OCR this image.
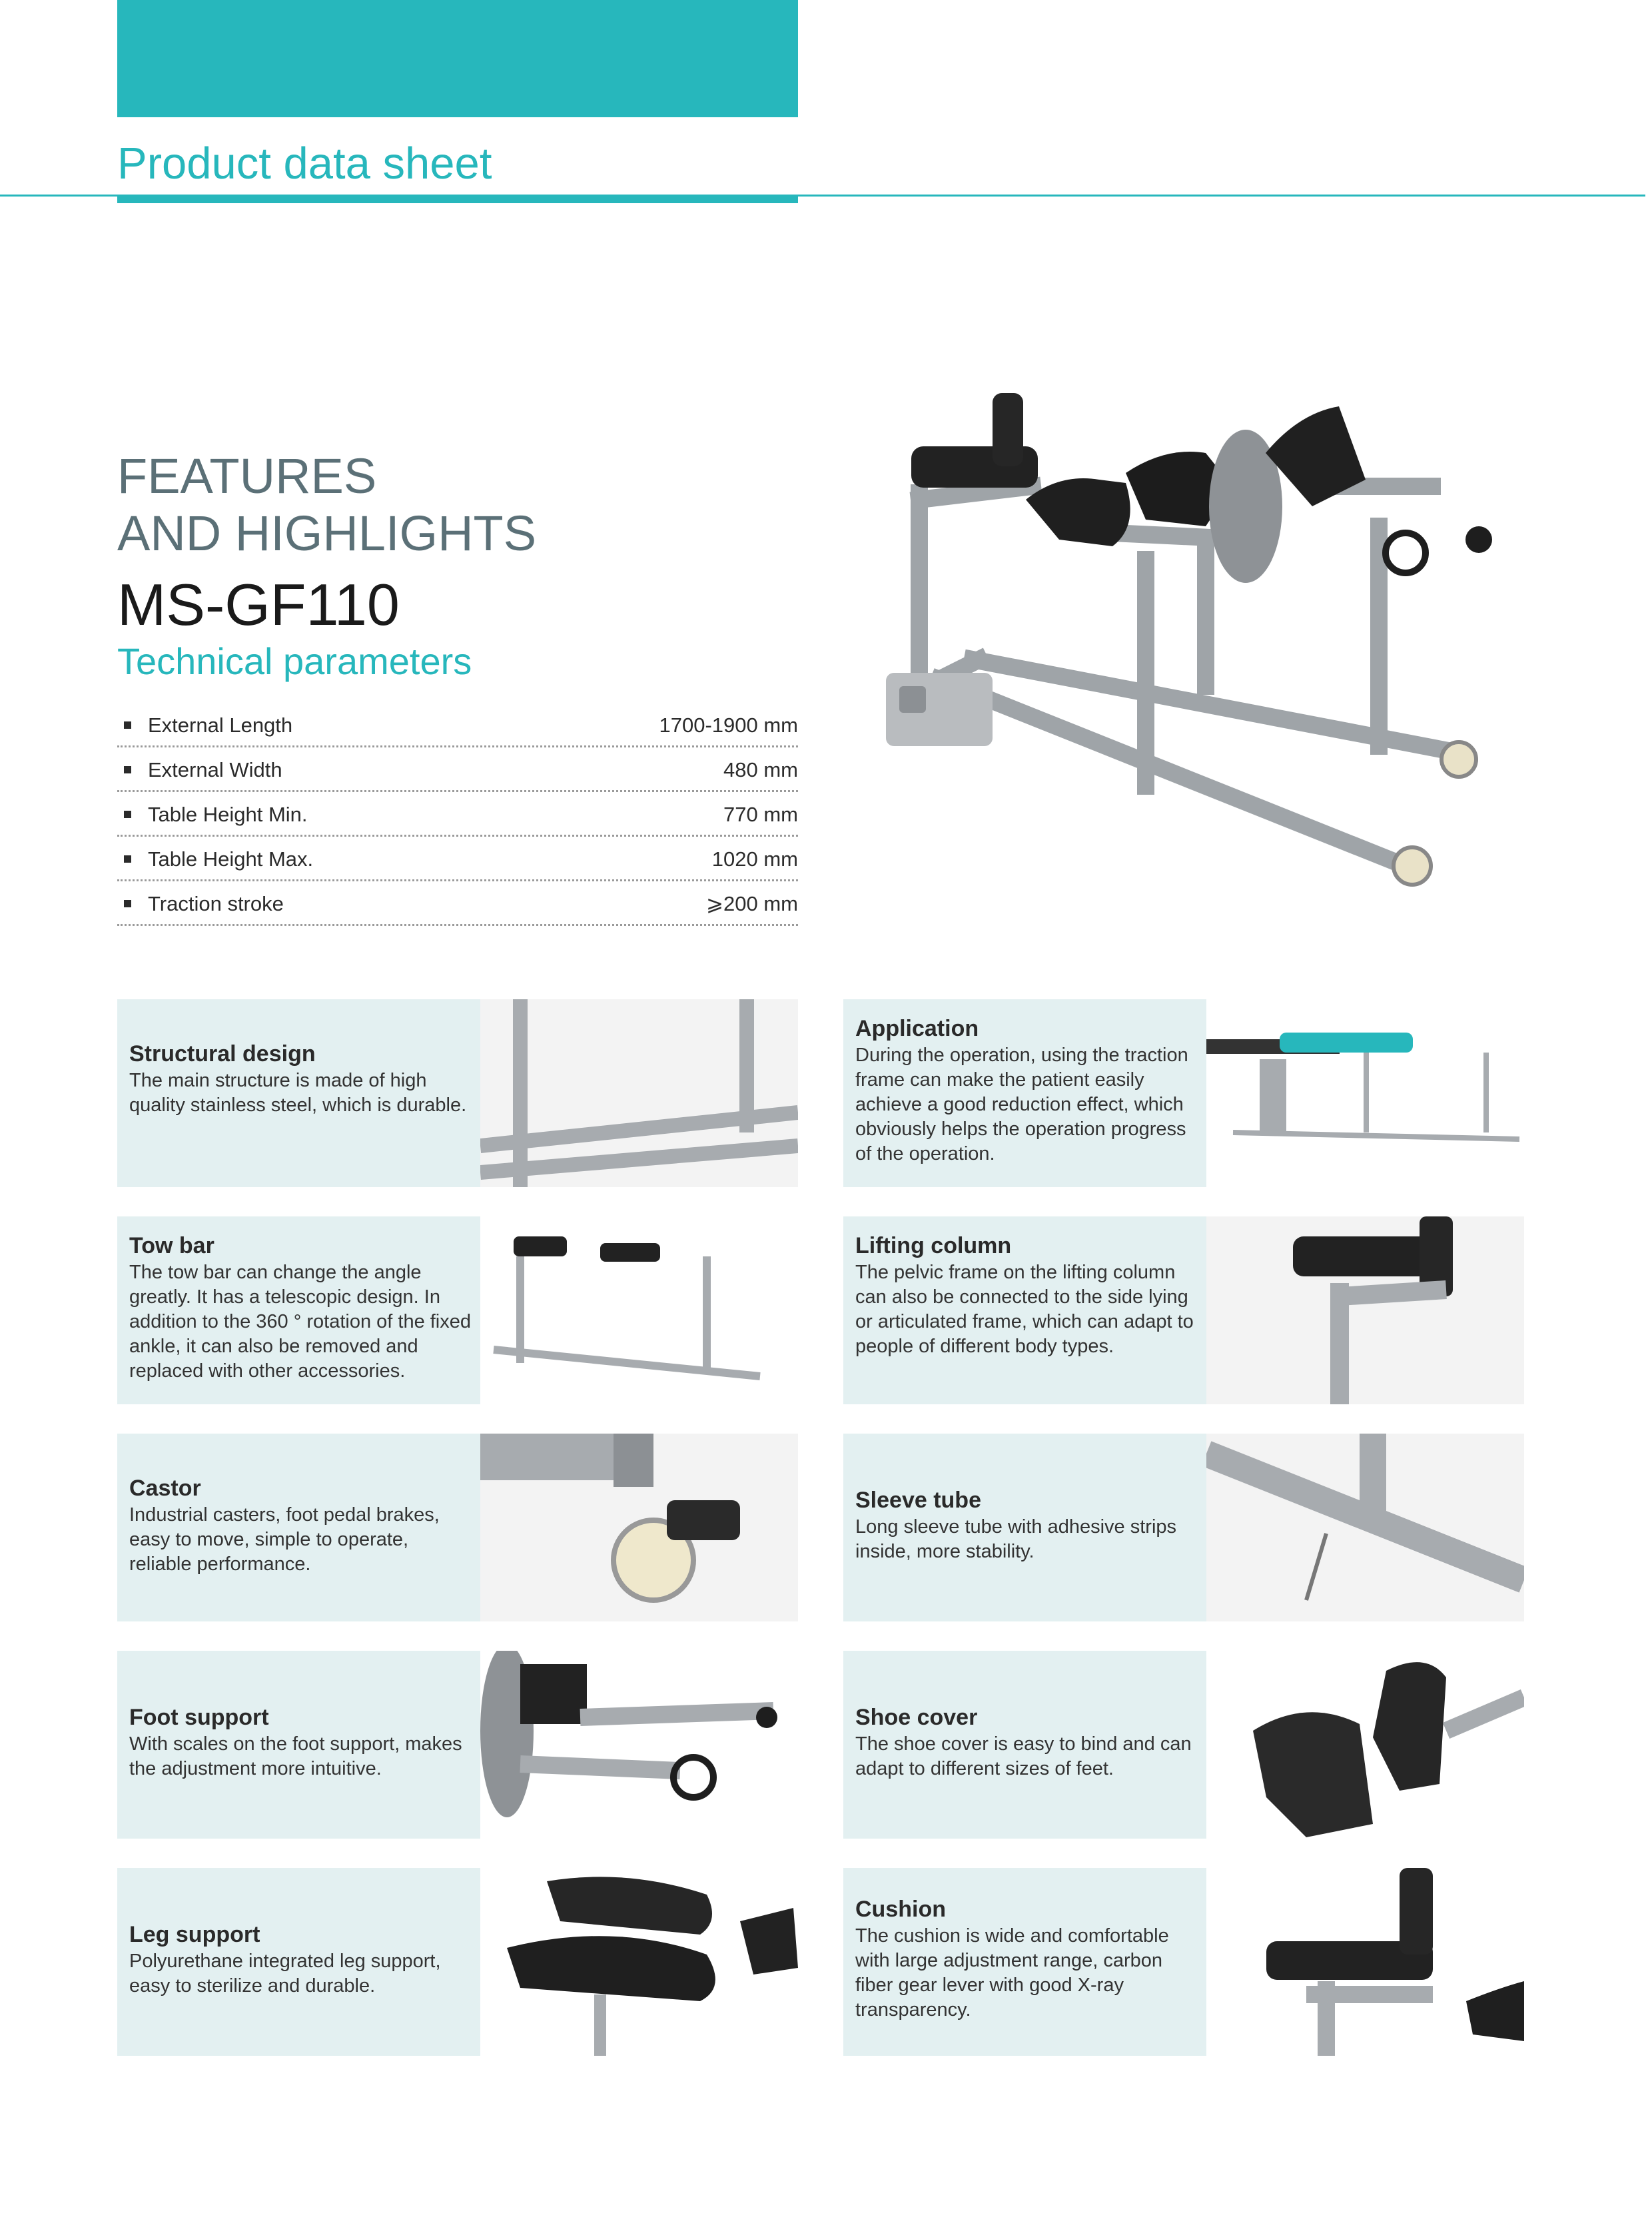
Product data sheet
FEATURES
AND HIGHLIGHTS
MS-GF110
Technical parameters
External Length	1700-1900 mm
External Width	480 mm
Table Height Min.	770 mm
Table Height Max.	1020 mm
Traction stroke	⩾200 mm
Structural design
The main structure is made of high quality stainless steel, which is durable.
Application
During the operation, using the traction frame can make the patient easily achieve a good reduction effect, which obviously helps the operation progress of the operation.
Tow bar
The tow bar can change the angle greatly. It has a telescopic design. In addition to the 360 ° rotation of the fixed ankle, it can also be removed and replaced with other accessories.
Lifting column
The pelvic frame on the lifting column can also be connected to the side lying or articulated frame, which can adapt to people of different body types.
Castor
Industrial casters, foot pedal brakes, easy to move, simple to operate, reliable performance.
Sleeve tube
Long sleeve tube with adhesive strips inside, more stability.
Foot support
With scales on the foot support, makes the adjustment more intuitive.
Shoe cover
The shoe cover is easy to bind and can adapt to different sizes of feet.
Leg support
Polyurethane integrated leg support, easy to sterilize and durable.
Cushion
The cushion is wide and comfortable with large adjustment range, carbon fiber gear lever with good X-ray transparency.
